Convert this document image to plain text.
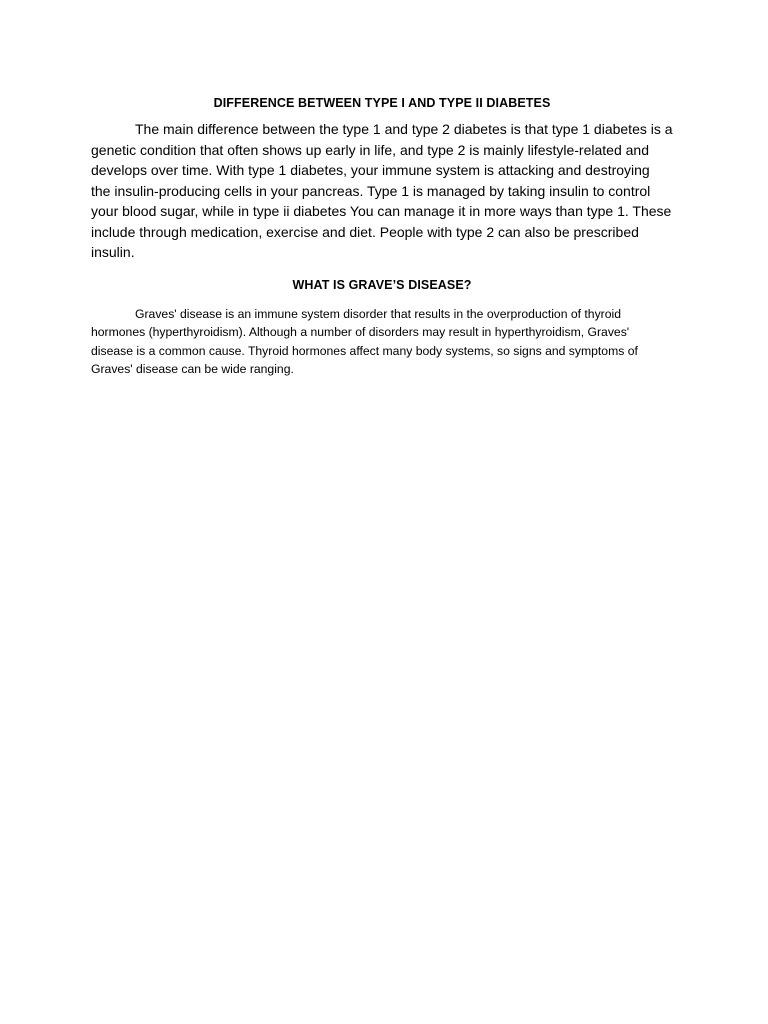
DIFFERENCE BETWEEN TYPE I AND TYPE II DIABETES

The main difference between the type 1 and type 2 diabetes is that type 1 diabetes is a genetic condition that often shows up early in life, and type 2 is mainly lifestyle-related and develops over time. With type 1 diabetes, your immune system is attacking and destroying the insulin-producing cells in your pancreas. Type 1 is managed by taking insulin to control your blood sugar, while in type ii diabetes You can manage it in more ways than type 1. These include through medication, exercise and diet. People with type 2 can also be prescribed insulin.

WHAT IS GRAVE’S DISEASE?

Graves' disease is an immune system disorder that results in the overproduction of thyroid hormones (hyperthyroidism). Although a number of disorders may result in hyperthyroidism, Graves' disease is a common cause. Thyroid hormones affect many body systems, so signs and symptoms of Graves' disease can be wide ranging.
